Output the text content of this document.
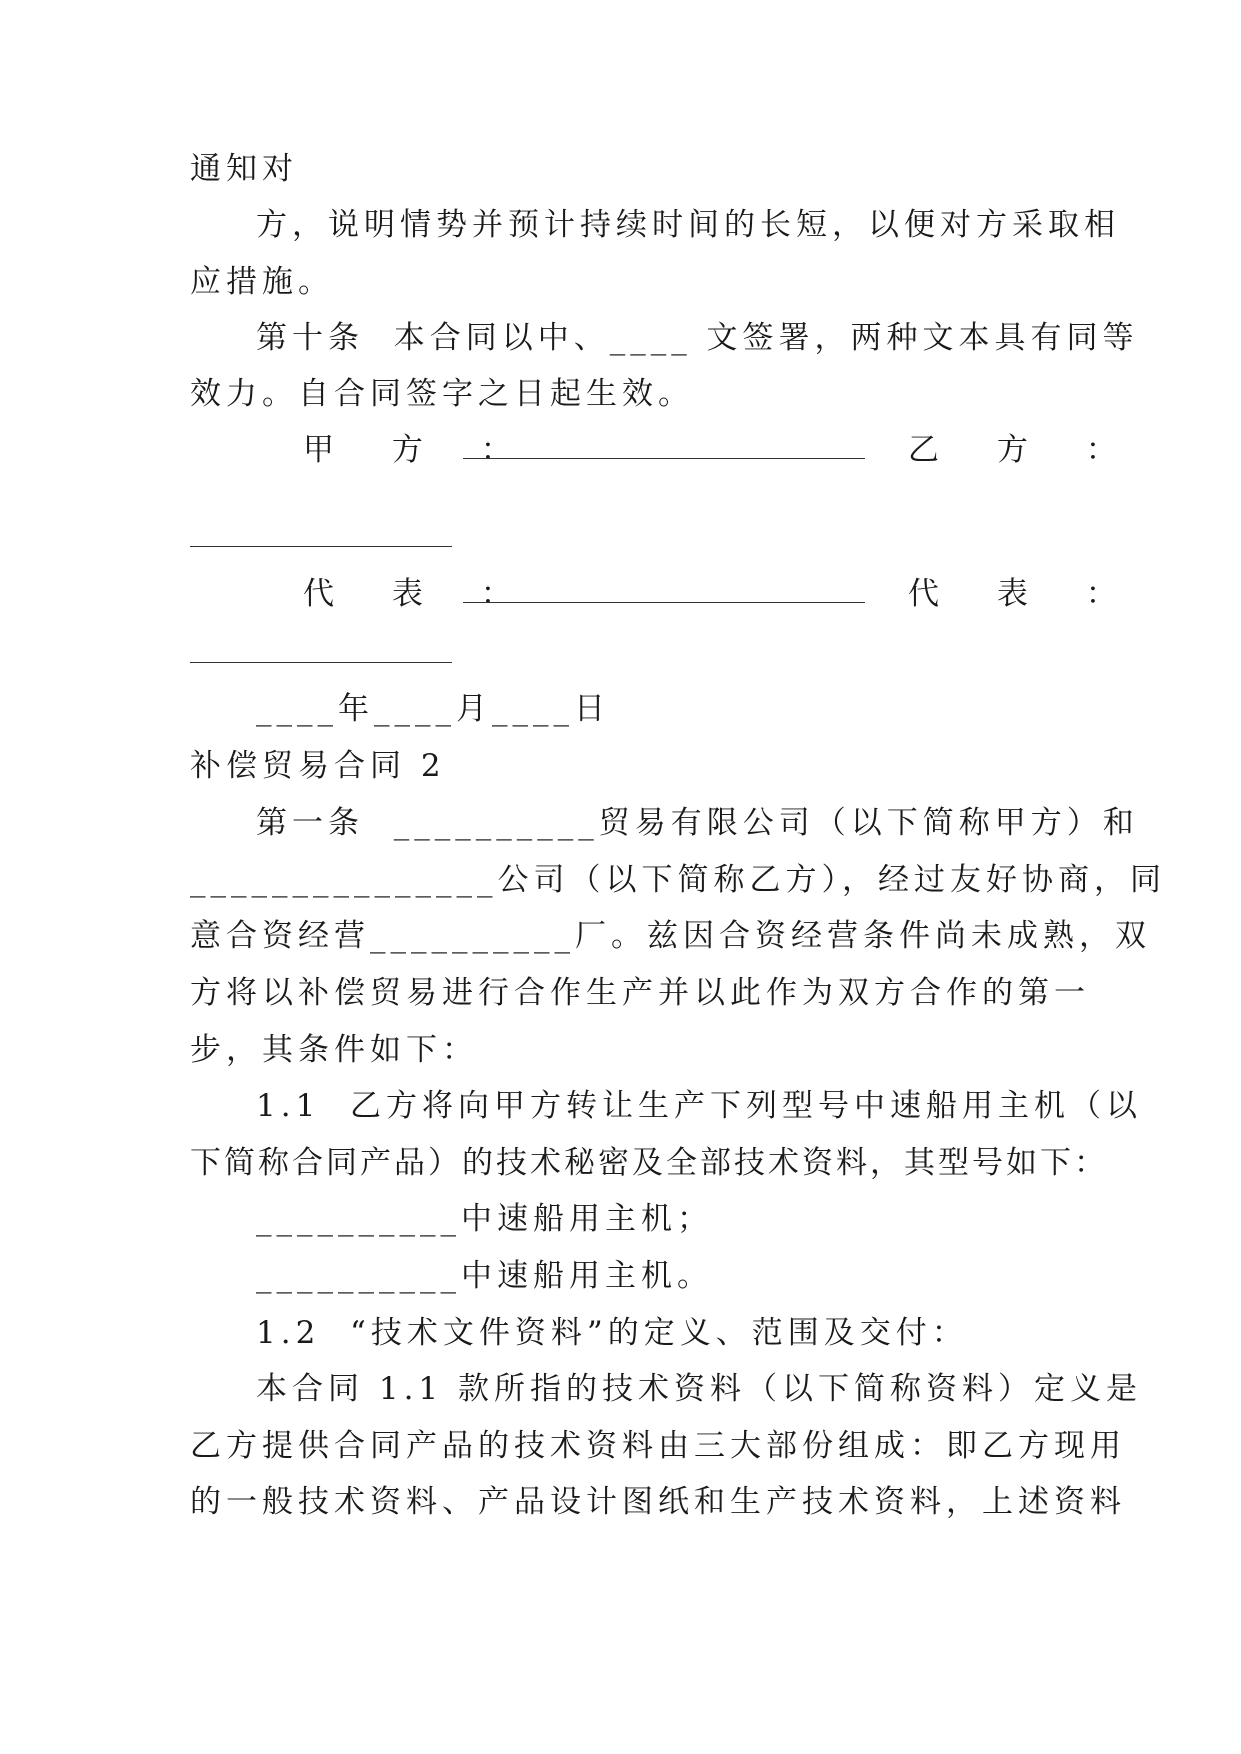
通知对
方，说明情势并预计持续时间的长短，以便对方采取相
应措施。
第十条  本合同以中、____ 文签署，两种文本具有同等
效力。自合同签字之日起生效。
甲 方 ：	乙 方 ：
代 表 ：	代 表 ：
____年____月____日
补偿贸易合同 2
第一条  __________贸易有限公司（以下简称甲方）和
_______________公司（以下简称乙方），经过友好协商，同
意合资经营__________厂。兹因合资经营条件尚未成熟，双
方将以补偿贸易进行合作生产并以此作为双方合作的第一
步，其条件如下：
1.1  乙方将向甲方转让生产下列型号中速船用主机（以
下简称合同产品）的技术秘密及全部技术资料，其型号如下：
__________中速船用主机；
__________中速船用主机。
1.2  “技术文件资料”的定义、范围及交付：
本合同 1.1 款所指的技术资料（以下简称资料）定义是
乙方提供合同产品的技术资料由三大部份组成：即乙方现用
的一般技术资料、产品设计图纸和生产技术资料，上述资料
